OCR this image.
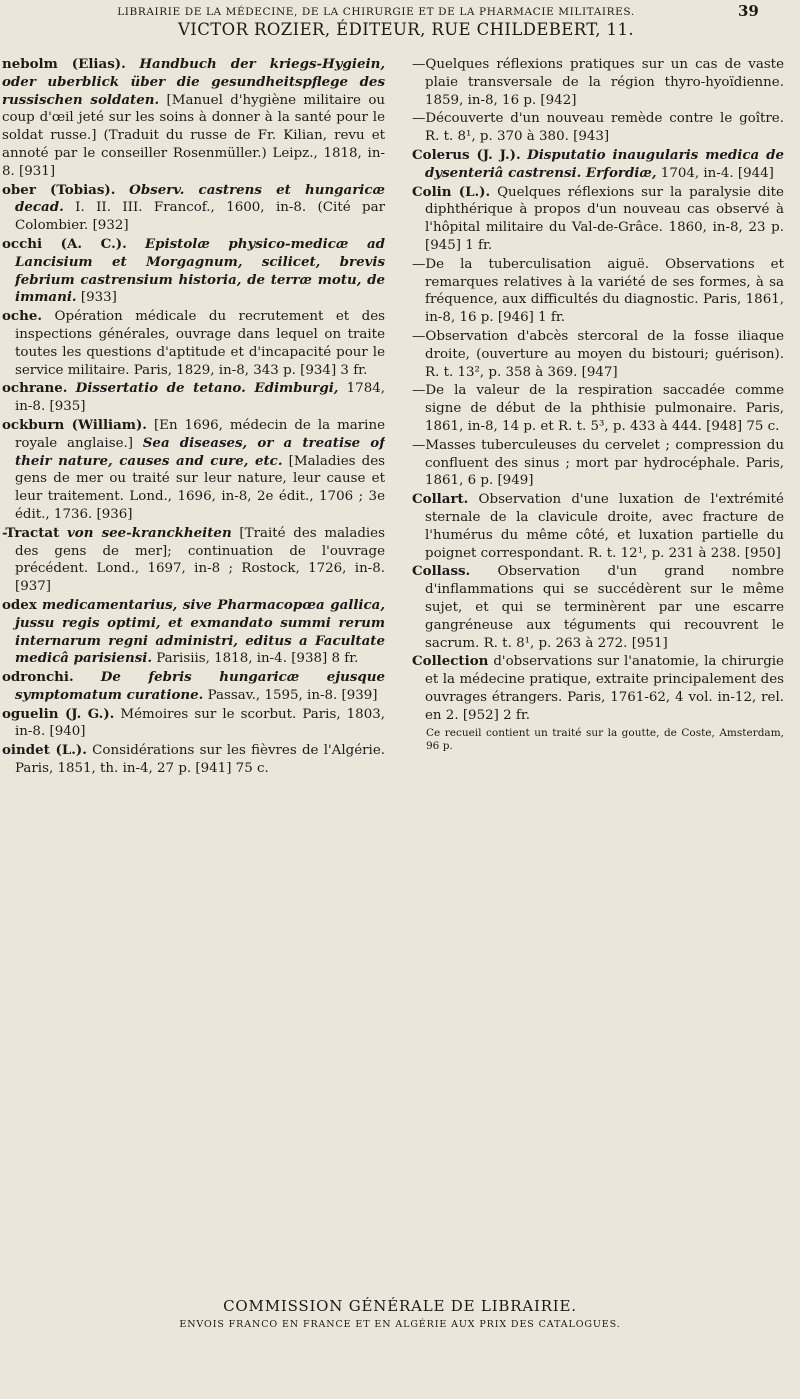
LIBRAIRIE DE LA MÉDECINE, DE LA CHIRURGIE ET DE LA PHARMACIE MILITAIRES.	39
VICTOR ROZIER, ÉDITEUR, RUE CHILDEBERT, 11.

nebolm (Elias). Handbuch der kriegs-Hygiein, oder uberblick über die gesundheitspflege des russischen soldaten. [Manuel d'hygiène militaire ou coup d'œil jeté sur les soins à donner à la santé pour le soldat russe.] (Traduit du russe de Fr. Kilian, revu et annoté par le conseiller Rosenmüller.) Leipz., 1818, in-8. [931]

ober (Tobias). Observ. castrens et hungaricæ decad. I. II. III. Francof., 1600, in-8. (Cité par Colombier. [932]

occhi (A. C.). Epistolæ physico-medicæ ad Lancisium et Morgagnum, scilicet, brevis febrium castrensium historia, de terræ motu, de immani. [933]

oche. Opération médicale du recrutement et des inspections générales, ouvrage dans lequel on traite toutes les questions d'aptitude et d'incapacité pour le service militaire. Paris, 1829, in-8, 343 p. [934] 3 fr.

ochrane. Dissertatio de tetano. Edimburgi, 1784, in-8. [935]

ockburn (William). [En 1696, médecin de la marine royale anglaise.] Sea diseases, or a treatise of their nature, causes and cure, etc. [Maladies des gens de mer ou traité sur leur nature, leur cause et leur traitement. Lond., 1696, in-8, 2e édit., 1706 ; 3e édit., 1736. [936]

-Tractat von see-kranckheiten [Traité des maladies des gens de mer]; continuation de l'ouvrage précédent. Lond., 1697, in-8 ; Rostock, 1726, in-8. [937]

odex medicamentarius, sive Pharmacopœa gallica, jussu regis optimi, et exmandato summi rerum internarum regni administri, editus a Facultate medicâ parisiensi. Parisiis, 1818, in-4. [938] 8 fr.

odronchi. De febris hungaricæ ejusque symptomatum curatione. Passav., 1595, in-8. [939]

oguelin (J. G.). Mémoires sur le scorbut. Paris, 1803, in-8. [940]

oindet (L.). Considérations sur les fièvres de l'Algérie. Paris, 1851, th. in-4, 27 p. [941] 75 c.

—Quelques réflexions pratiques sur un cas de vaste plaie transversale de la région thyro-hyoïdienne. 1859, in-8, 16 p. [942]

—Découverte d'un nouveau remède contre le goître. R. t. 8¹, p. 370 à 380. [943]

Colerus (J. J.). Disputatio inaugularis medica de dysenteriâ castrensi. Erfordiæ, 1704, in-4. [944]

Colin (L.). Quelques réflexions sur la paralysie dite diphthérique à propos d'un nouveau cas observé à l'hôpital militaire du Val-de-Grâce. 1860, in-8, 23 p. [945] 1 fr.

—De la tuberculisation aiguë. Observations et remarques relatives à la variété de ses formes, à sa fréquence, aux difficultés du diagnostic. Paris, 1861, in-8, 16 p. [946] 1 fr.

—Observation d'abcès stercoral de la fosse iliaque droite, (ouverture au moyen du bistouri; guérison). R. t. 13², p. 358 à 369. [947]

—De la valeur de la respiration saccadée comme signe de début de la phthisie pulmonaire. Paris, 1861, in-8, 14 p. et R. t. 5³, p. 433 à 444. [948] 75 c.

—Masses tuberculeuses du cervelet ; compression du confluent des sinus ; mort par hydrocéphale. Paris, 1861, 6 p. [949]

Collart. Observation d'une luxation de l'extrémité sternale de la clavicule droite, avec fracture de l'humérus du même côté, et luxation partielle du poignet correspondant. R. t. 12¹, p. 231 à 238. [950]

Collass. Observation d'un grand nombre d'inflammations qui se succédèrent sur le même sujet, et qui se terminèrent par une escarre gangréneuse aux téguments qui recouvrent le sacrum. R. t. 8¹, p. 263 à 272. [951]

Collection d'observations sur l'anatomie, la chirurgie et la médecine pratique, extraite principalement des ouvrages étrangers. Paris, 1761-62, 4 vol. in-12, rel. en 2. [952] 2 fr.

Ce recueil contient un traité sur la goutte, de Coste, Amsterdam, 96 p.

COMMISSION GÉNÉRALE DE LIBRAIRIE.
ENVOIS FRANCO EN FRANCE ET EN ALGÉRIE AUX PRIX DES CATALOGUES.
